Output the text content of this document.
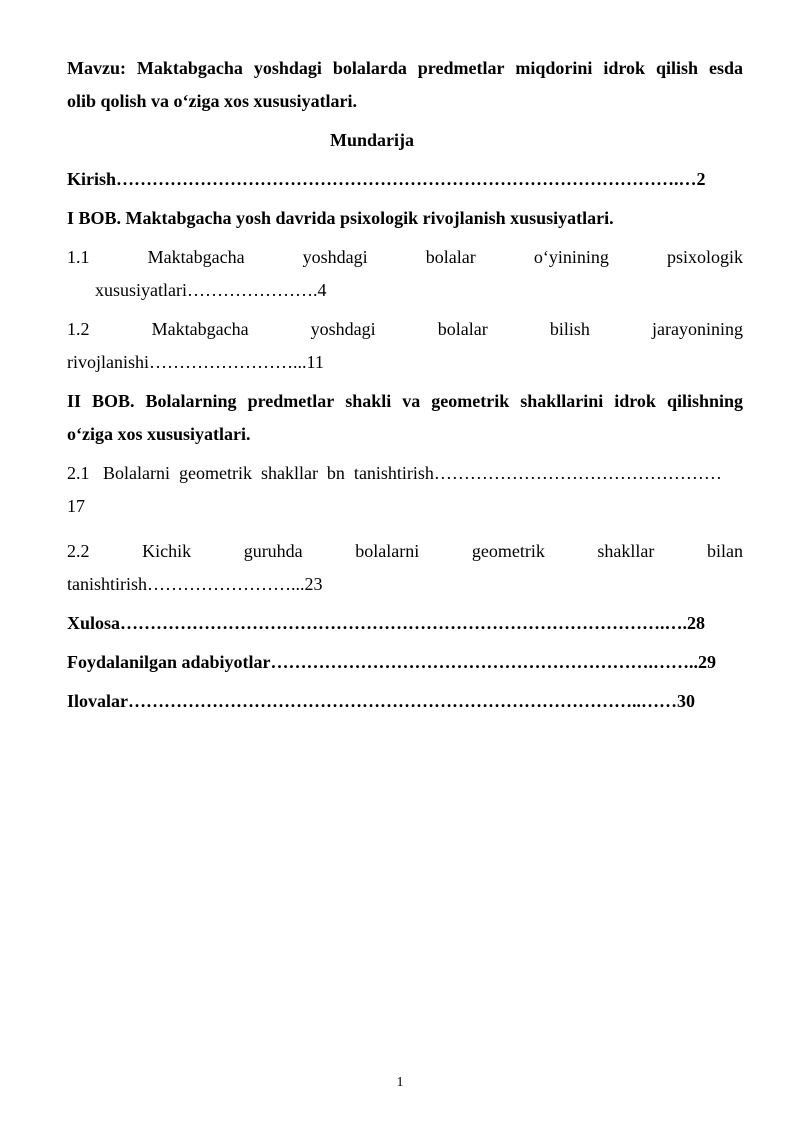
Mavzu: Maktabgacha yoshdagi bolalarda predmetlar miqdorini idrok qilish esda
olib qolish va o‘ziga xos xususiyatlari.
Mundarija
Kirish………………………………………………………………………………….…2
I BOB. Maktabgacha yosh davrida psixologik rivojlanish xususiyatlari.
1.1	Maktabgacha	yoshdagi	bolalar	o‘yinining	psixologik
xususiyatlari………………….4
1.2	Maktabgacha	yoshdagi	bolalar	bilish	jarayonining
rivojlanishi……………………...11
II BOB. Bolalarning predmetlar shakli va geometrik shakllarini idrok qilishning
o‘ziga xos xususiyatlari.
2.1   Bolalarni  geometrik  shakllar  bn  tanishtirish…………………………………………
17
2.2	Kichik	guruhda	bolalarni	geometrik	shakllar	bilan
tanishtirish……………………...23
Xulosa……………………………………………………………………………….….28
Foydalanilgan adabiyotlar……………………………………………………….……..29
Ilovalar…………………………………………………………………………..……30
1
